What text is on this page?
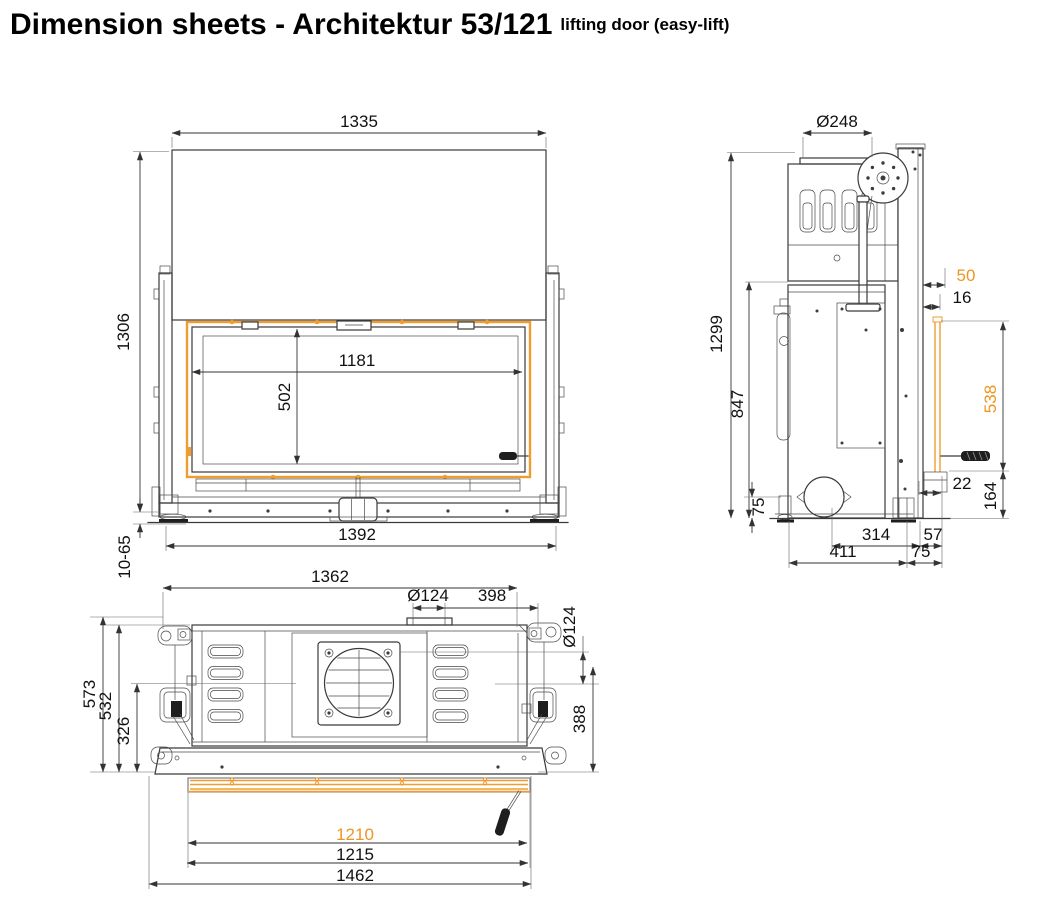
Dimension sheets - Architektur 53/121 lifting door (easy-lift)
1335
1306
1181
502
1392
10-65
Ø248
1299
847
75
50
16
538
22 164
314 57
411	75
1362
Ø124 398
Ø124
388
573
532
326
1210
1215
1462
